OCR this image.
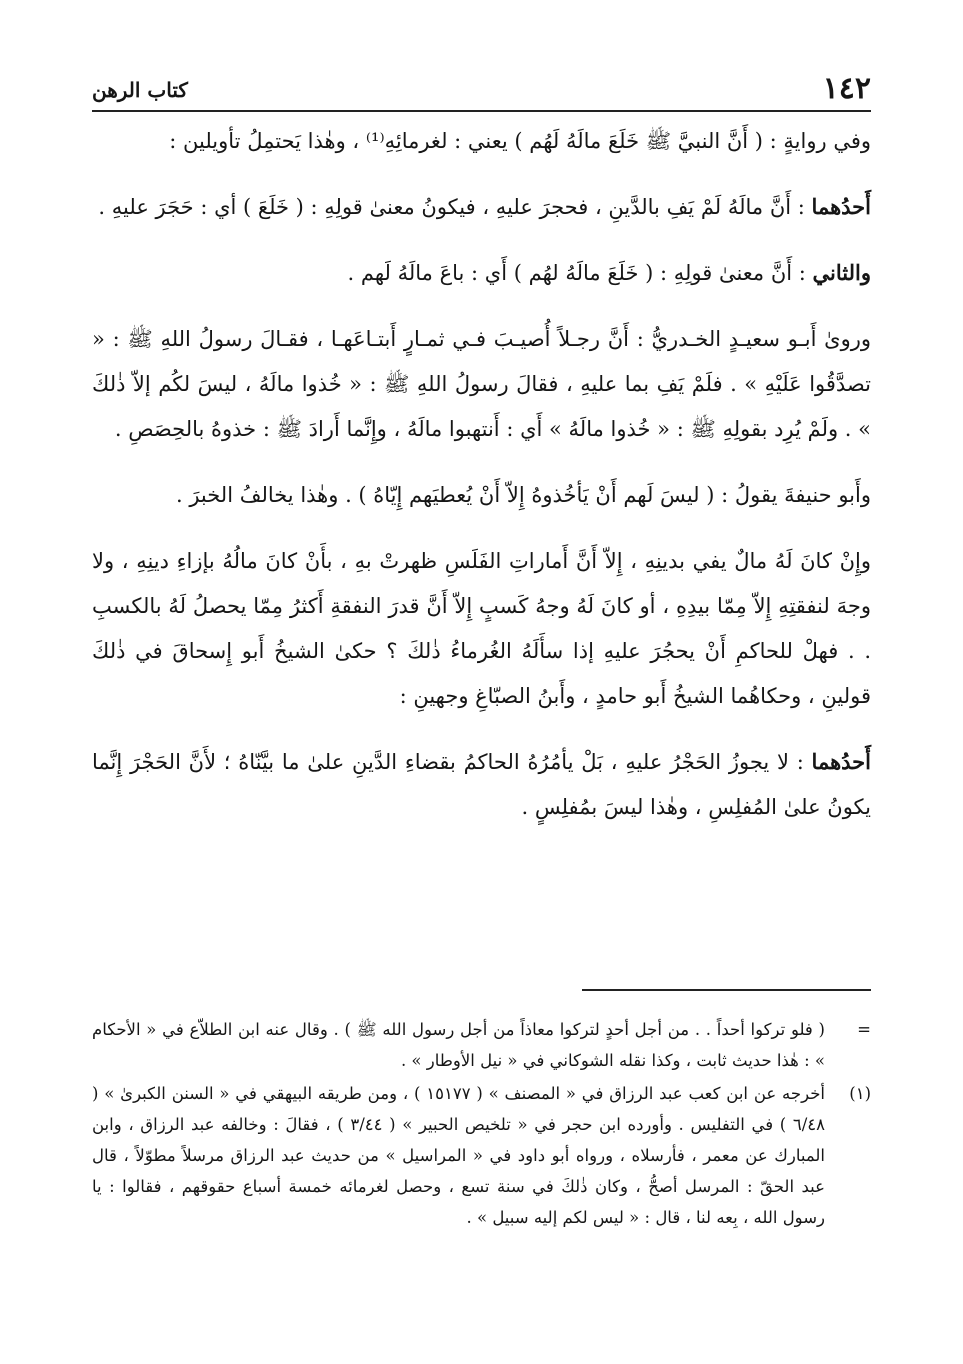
١٤٢
كتاب الرهن

وفي روايةٍ : ( أَنَّ النبيَّ ﷺ خَلَعَ مالَهُ لَهُم ) يعني : لغرمائِهِ⁽¹⁾ ، وهٰذا يَحتمِلُ تأويلين :

أَحدُهما : أَنَّ مالَهُ لَمْ يَفِ بالدَّينِ ، فحجرَ عليهِ ، فيكونُ معنىٰ قولِهِ : ( خَلَعَ ) أي : حَجَرَ عليهِ .

والثاني : أَنَّ معنىٰ قولِهِ : ( خَلَعَ مالَهُ لهُم ) أَي : باعَ مالَهُ لَهم .

وروىٰ أَبـو سعيـدٍ الخـدريُّ : أَنَّ رجـلاً أُصيـبَ فـي ثمـارٍ أَبتـاعَهـا ، فقـالَ رسولُ اللهِ ﷺ : « تصدَّقُوا عَلَيْهِ » . فلَمْ يَفِ بما عليهِ ، فقالَ رسولُ اللهِ ﷺ : « خُذوا مالَهُ ، ليسَ لكُم إلاّ ذٰلكَ » . ولَمْ يُرِد بقولِهِ ﷺ : « خُذوا مالَهُ » أَي : أَنتهبوا مالَهُ ، وإِنَّما أَرادَ ﷺ : خذوهُ بالحِصَصِ .

وأَبو حنيفةَ يقولُ : ( ليسَ لَهم أَنْ يَأخُذوهُ إِلاّ أَنْ يُعطيَهم إِيّاهُ ) . وهٰذا يخالفُ الخبرَ .

وإِنْ كانَ لَهُ مالٌ يفي بدينِهِ ، إِلاّ أَنَّ أَماراتِ الفَلَسِ ظهرتْ بهِ ، بأَنْ كانَ مالُهُ بإزاءِ دينِهِ ، ولا وجهَ لنفقتِهِ إِلاّ مِمّا بيدِهِ ، أو كانَ لَهُ وجهُ كَسبٍ إِلاّ أَنَّ قدرَ النفقةِ أَكثرُ مِمّا يحصلُ لَهُ بالكسبِ . . فهلْ للحاكمِ أَنْ يحجُرَ عليهِ إذا سأَلَهُ الغُرماءُ ذٰلكَ ؟ حكىٰ الشيخُ أَبو إِسحاقَ في ذٰلكَ قولينِ ، وحكاهُما الشيخُ أَبو حامدٍ ، وأَبنُ الصبّاغِ وجهينِ :

أَحدُهما : لا يجوزُ الحَجْرُ عليهِ ، بَلْ يأمُرُهُ الحاكمُ بقضاءِ الدَّينِ علىٰ ما بيَّنّاهُ ؛ لأَنَّ الحَجْرَ إِنَّما يكونُ علىٰ المُفلِسِ ، وهٰذا ليسَ بمُفلِسٍ .

=
( فلو تركوا أحداً . . من أجل أحدٍ لتركوا معاذاً من أجل رسول الله ﷺ ) . وقال عنه ابن الطلاّع في « الأحكام » : هٰذا حديث ثابت ، وكذا نقله الشوكاني في « نيل الأوطار » .
(١)
أخرجه عن ابن كعب عبد الرزاق في « المصنف » ( ١٥١٧٧ ) ، ومن طريقه البيهقي في « السنن الكبرىٰ » ( ٦/٤٨ ) في التفليس . وأورده ابن حجر في « تلخيص الحبير » ( ٣/٤٤ ) ، فقالَ : وخالفه عبد الرزاق ، وابن المبارك عن معمر ، فأرسلاه ، ورواه أبو داود في « المراسيل » من حديث عبد الرزاق مرسلاً مطوّلاً ، قال عبد الحقّ : المرسل أصحُّ ، وكان ذٰلكَ في سنة تسع ، وحصل لغرمائه خمسة أسباع حقوقهم ، فقالوا : يا رسول الله ، بِعه لنا ، قال : « ليس لكم إليه سبيل » .
